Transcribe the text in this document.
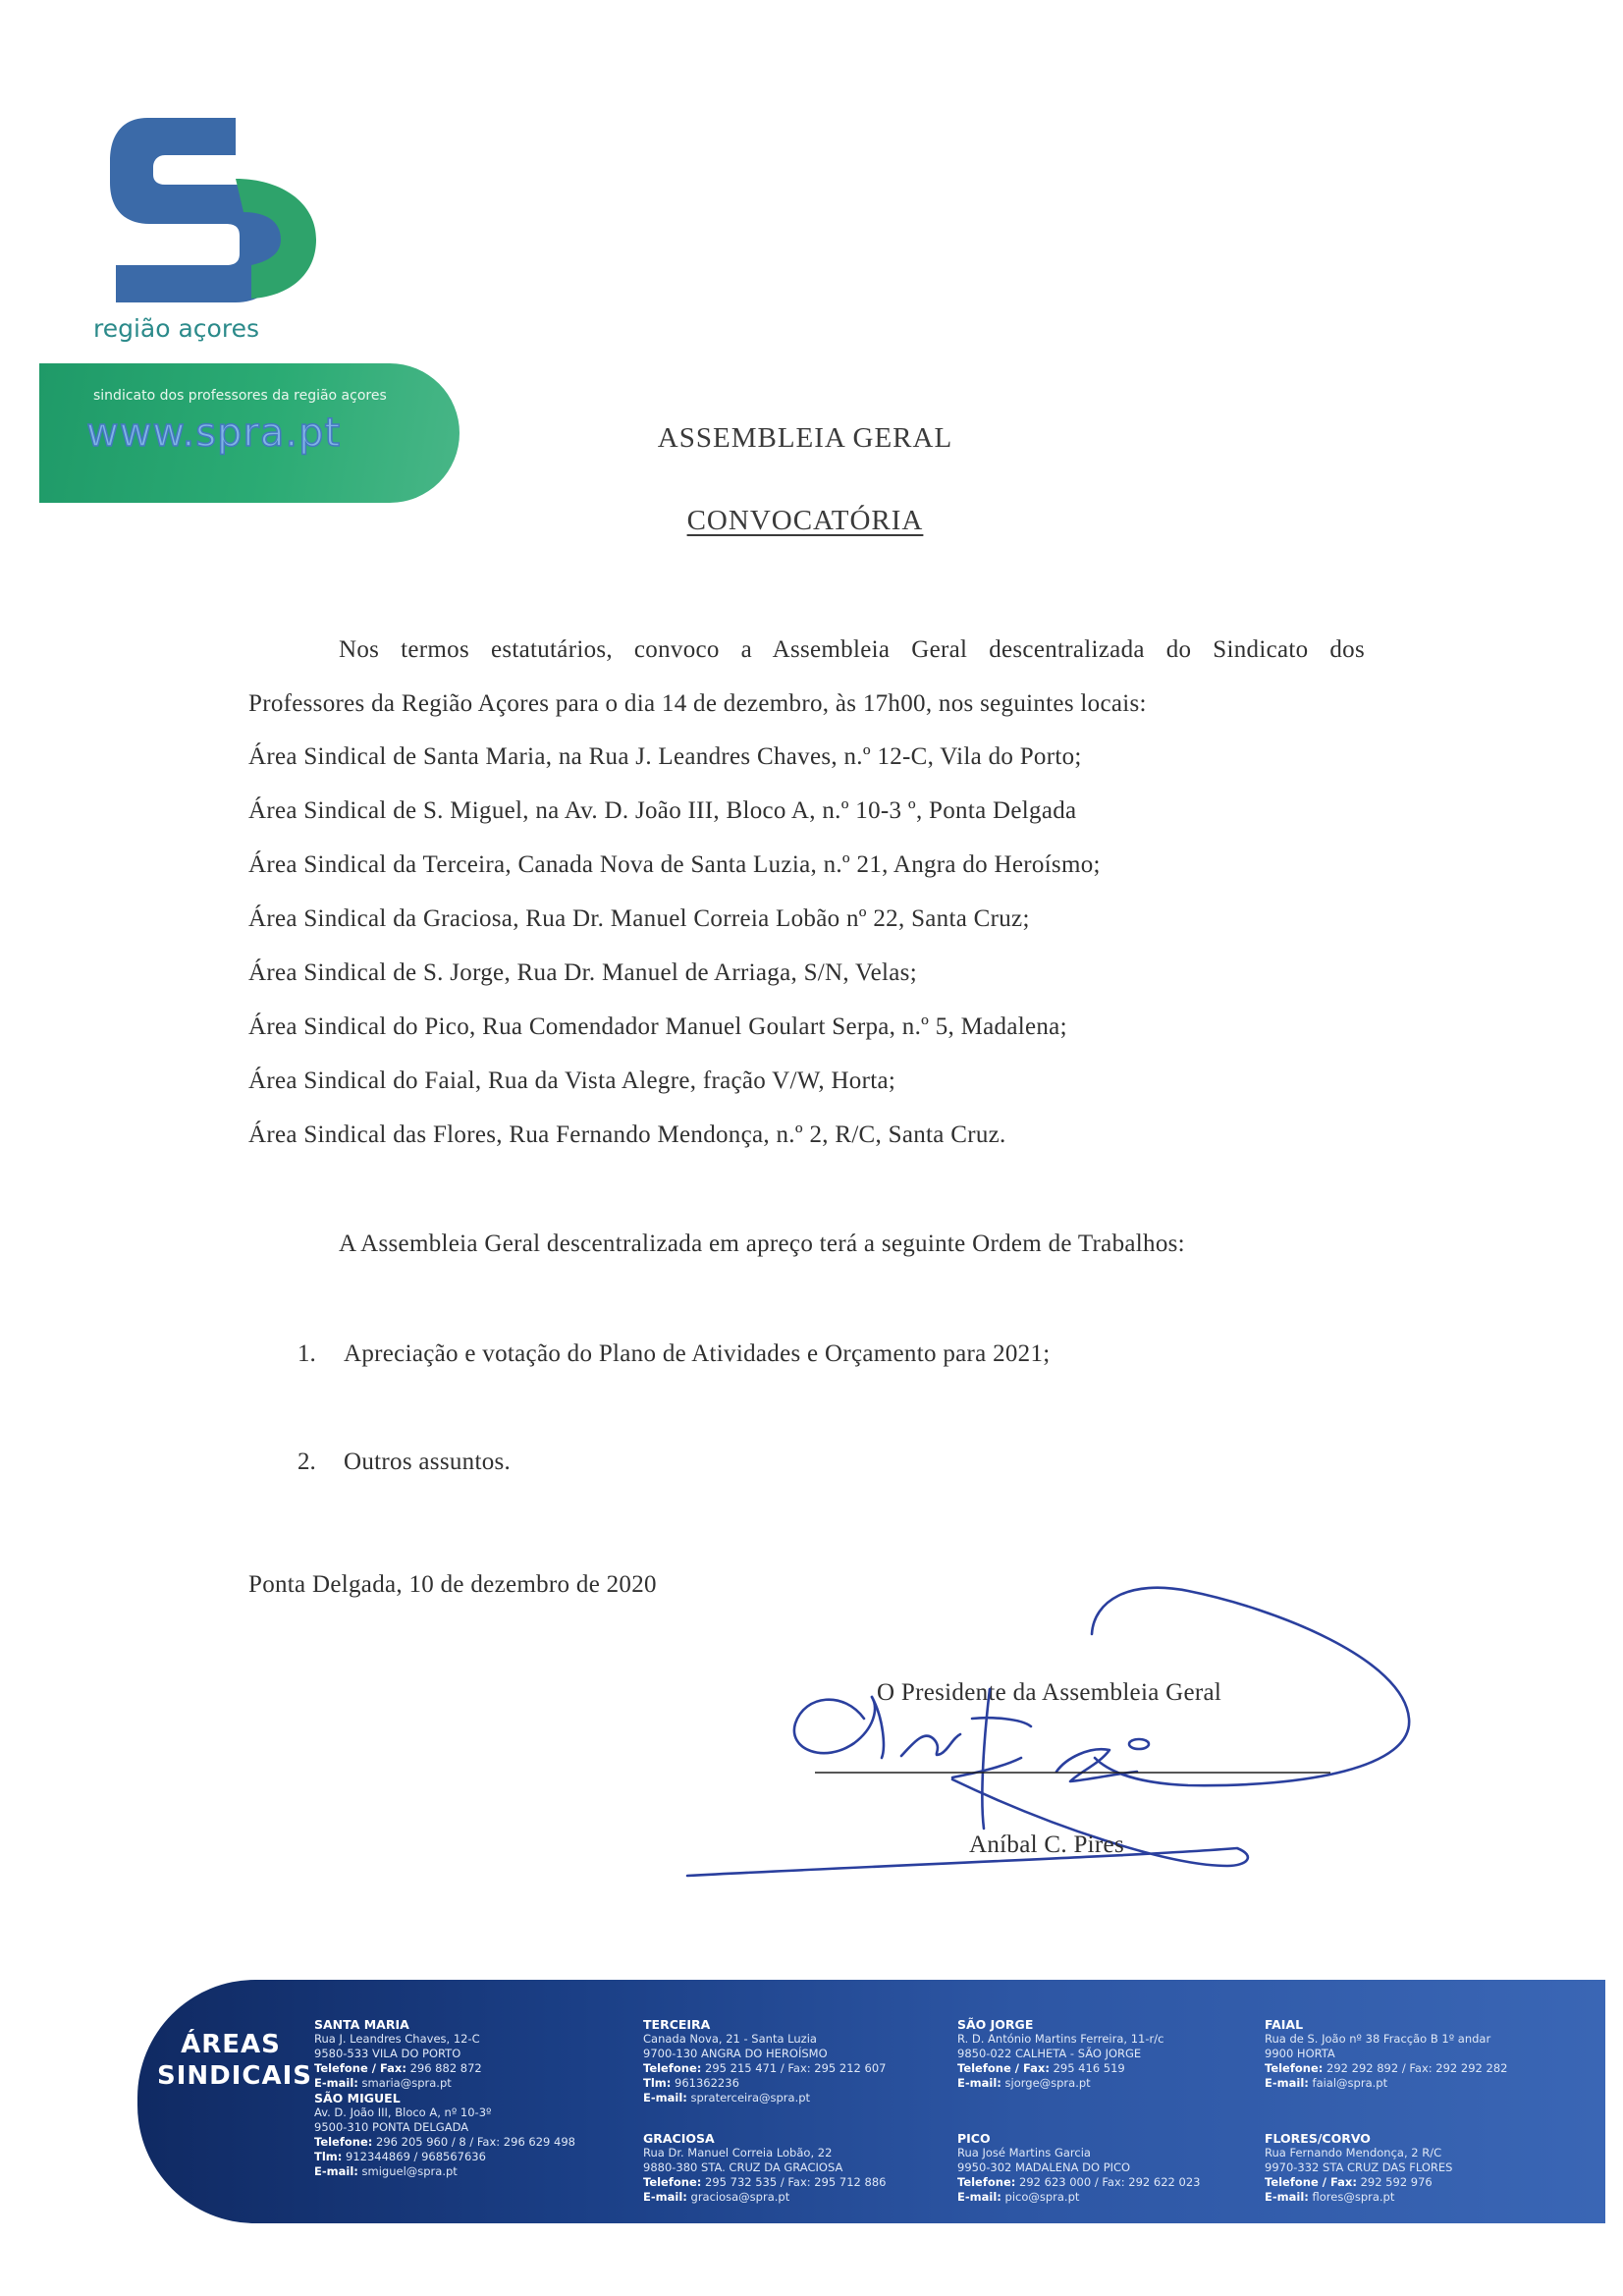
região açores
sindicato dos professores da região açores
www.spra.pt	ASSEMBLEIA GERAL
CONVOCATÓRIA
Nos termos estatutários, convoco a Assembleia Geral descentralizada do Sindicato dos
Professores da Região Açores para o dia 14 de dezembro, às 17h00, nos seguintes locais:
Área Sindical de Santa Maria, na Rua J. Leandres Chaves, n.º 12-C, Vila do Porto;
Área Sindical de S. Miguel, na Av. D. João III, Bloco A, n.º 10-3 º, Ponta Delgada
Área Sindical da Terceira, Canada Nova de Santa Luzia, n.º 21, Angra do Heroísmo;
Área Sindical da Graciosa, Rua Dr. Manuel Correia Lobão nº 22, Santa Cruz;
Área Sindical de S. Jorge, Rua Dr. Manuel de Arriaga, S/N, Velas;
Área Sindical do Pico, Rua Comendador Manuel Goulart Serpa, n.º 5, Madalena;
Área Sindical do Faial, Rua da Vista Alegre, fração V/W, Horta;
Área Sindical das Flores, Rua Fernando Mendonça, n.º 2, R/C, Santa Cruz.
A Assembleia Geral descentralizada em apreço terá a seguinte Ordem de Trabalhos:
1. Apreciação e votação do Plano de Atividades e Orçamento para 2021;
2. Outros assuntos.
Ponta Delgada, 10 de dezembro de 2020
O Presidente da Assembleia Geral
Aníbal C. Pires
ÁREAS
SINDICAIS
SANTA MARIA
Rua J. Leandres Chaves, 12-C
9580-533 VILA DO PORTO
Telefone / Fax: 296 882 872
E-mail: smaria@spra.pt
SÃO MIGUEL
Av. D. João III, Bloco A, nº 10-3º
9500-310 PONTA DELGADA
Telefone: 296 205 960 / 8 / Fax: 296 629 498
Tlm: 912344869 / 968567636
E-mail: smiguel@spra.pt
TERCEIRA
Canada Nova, 21 - Santa Luzia
9700-130 ANGRA DO HEROÍSMO
Telefone: 295 215 471 / Fax: 295 212 607
Tlm: 961362236
E-mail: spraterceira@spra.pt
GRACIOSA
Rua Dr. Manuel Correia Lobão, 22
9880-380 STA. CRUZ DA GRACIOSA
Telefone: 295 732 535 / Fax: 295 712 886
E-mail: graciosa@spra.pt
SÃO JORGE
R. D. António Martins Ferreira, 11-r/c
9850-022 CALHETA - SÃO JORGE
Telefone / Fax: 295 416 519
E-mail: sjorge@spra.pt
PICO
Rua José Martins Garcia
9950-302 MADALENA DO PICO
Telefone: 292 623 000 / Fax: 292 622 023
E-mail: pico@spra.pt
FAIAL
Rua de S. João nº 38 Fracção B 1º andar
9900 HORTA
Telefone: 292 292 892 / Fax: 292 292 282
E-mail: faial@spra.pt
FLORES/CORVO
Rua Fernando Mendonça, 2 R/C
9970-332 STA CRUZ DAS FLORES
Telefone / Fax: 292 592 976
E-mail: flores@spra.pt
